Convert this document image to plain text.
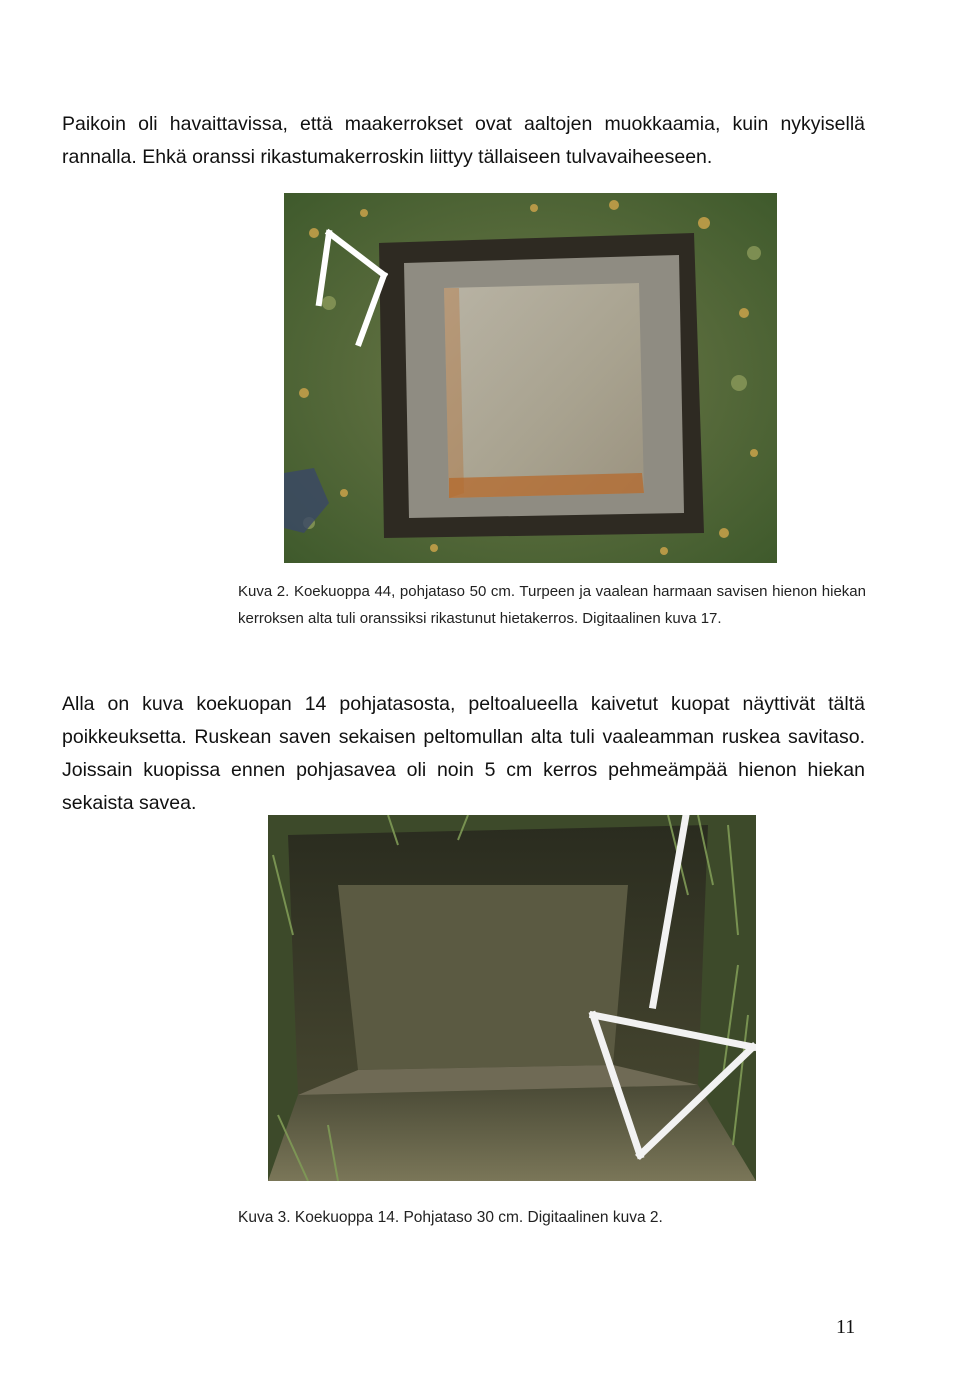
Paikoin oli havaittavissa, että maakerrokset ovat aaltojen muokkaamia, kuin nykyisellä rannalla. Ehkä oranssi rikastumakerroskin liittyy tällaiseen tulvavaiheeseen.

Kuva 2. Koekuoppa 44, pohjataso 50 cm. Turpeen ja vaalean harmaan savisen hienon hiekan kerroksen alta tuli oranssiksi rikastunut hietakerros. Digitaalinen kuva 17.

Alla on kuva koekuopan 14 pohjatasosta, peltoalueella kaivetut kuopat näyttivät tältä poikkeuksetta. Ruskean saven sekaisen peltomullan alta tuli vaaleamman ruskea savitaso. Joissain kuopissa ennen pohjasavea oli noin 5 cm kerros pehmeämpää hienon hiekan sekaista savea.

Kuva 3. Koekuoppa 14. Pohjataso 30 cm. Digitaalinen kuva 2.

11
